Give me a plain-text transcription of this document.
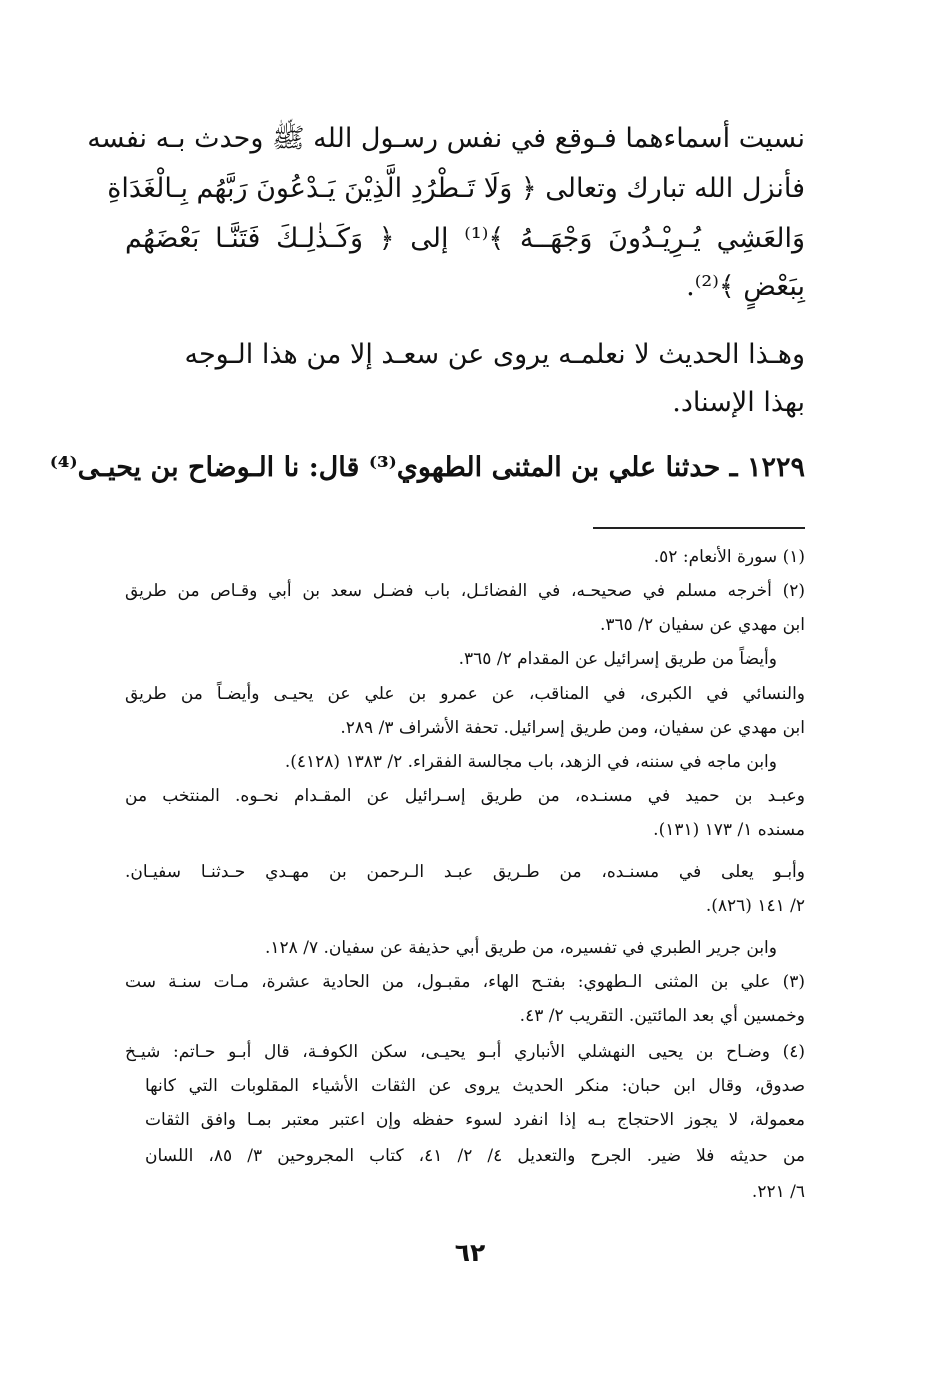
نسيت أسماءهما فـوقع في نفس رسـول الله ﷺ وحدث بـه نفسه
فأنزل الله تبارك وتعالى ﴿ وَلَا تَـطْرُدِ الَّذِيْنَ يَـدْعُونَ رَبَّهُم بِـالْغَدَاةِ
وَالعَشِي يُـرِيْـدُونَ وَجْهَــهُ ﴾⁽¹⁾ إلى ﴿ وَكَـذٰلِـكَ فَتَنَّـا بَعْضَهُم
بِبَعْضٍ ﴾⁽²⁾.
وهـذا الحديث لا نعلمـه يروى عن سعـد إلا من هذا الـوجه
بهذا الإسناد.
١٢٢٩ ـ حدثنا علي بن المثنى الطهوي⁽³⁾ قال: نا الـوضاح بن يحيـى⁽⁴⁾
(١) سورة الأنعام: ٥٢.
(٢) أخرجه مسلم في صحيحـه، في الفضائـل، باب فضـل سعد بن أبي وقـاص من طريق
ابن مهدي عن سفيان ٢/ ٣٦٥.
وأيضاً من طريق إسرائيل عن المقدام ٢/ ٣٦٥.
والنسائي في الكبرى، في المناقب، عن عمرو بن علي عن يحيـى وأيضـاً من طريق
ابن مهدي عن سفيان، ومن طريق إسرائيل. تحفة الأشراف ٣/ ٢٨٩.
وابن ماجه في سننه، في الزهد، باب مجالسة الفقراء. ٢/ ١٣٨٣ (٤١٢٨).
وعبـد بن حميد في مسنـده، من طريق إسـرائيل عن المقـدام نحـوه. المنتخب من
مسنده ١/ ١٧٣ (١٣١).
وأبـو يعلى في مسنـده، من طـريق عبـد الـرحمن بن مهـدي حـدثنـا سفيـان.
٢/ ١٤١ (٨٢٦).
وابن جرير الطبري في تفسيره، من طريق أبي حذيفة عن سفيان. ٧/ ١٢٨.
(٣) علي بن المثنى الـطهوي: بفتـح الهاء، مقبـول، من الحادية عشرة، مـات سنـة ست
وخمسين أي بعد المائتين. التقريب ٢/ ٤٣.
(٤) وضـاح بن يحيى النهشلي الأنباري أبـو يحيـى، سكن الكوفـة، قال أبـو حـاتم: شيـخ
صدوق، وقال ابن حبان: منكر الحديث يروى عن الثقات الأشياء المقلوبات التي كانها
معمولة، لا يجوز الاحتجاج بـه إذا انفرد لسوء حفظه وإن اعتبر معتبر بمـا وافق الثقات
من حديثه فلا ضير. الجرح والتعديل ٤/ ٢/ ٤١، كتاب المجروحين ٣/ ٨٥، اللسان
٦/ ٢٢١.
٦٢
